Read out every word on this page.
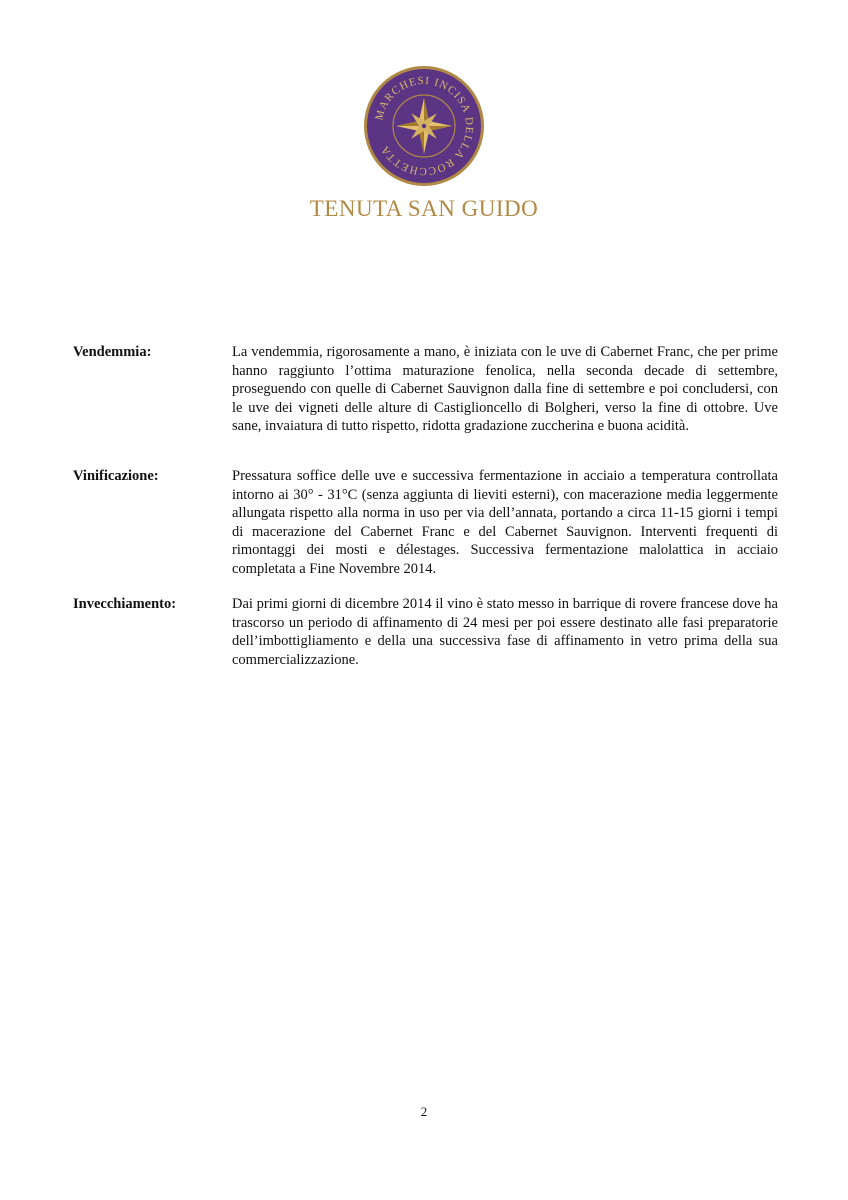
MARCHESI INCISA DELLA ROCCHETTA
TENUTA SAN GUIDO
Vendemmia:	La vendemmia, rigorosamente a mano, è iniziata con le uve di Cabernet Franc, che per prime hanno raggiunto l’ottima maturazione fenolica, nella seconda decade di settembre, proseguendo con quelle di Cabernet Sauvignon dalla fine di settembre e poi concludersi, con le uve dei vigneti delle alture di Castiglioncello di Bolgheri, verso la fine di ottobre. Uve sane, invaiatura di tutto rispetto, ridotta gradazione zuccherina e buona acidità.
Vinificazione:	Pressatura soffice delle uve e successiva fermentazione in acciaio a temperatura controllata intorno ai 30° - 31°C (senza aggiunta di lieviti esterni), con macerazione media leggermente allungata rispetto alla norma in uso per via dell’annata, portando a circa 11-15 giorni i tempi di macerazione del Cabernet Franc e del Cabernet Sauvignon. Interventi frequenti di rimontaggi dei mosti e délestages. Successiva fermentazione malolattica in acciaio completata a Fine Novembre 2014.
Invecchiamento:	Dai primi giorni di dicembre 2014 il vino è stato messo in barrique di rovere francese dove ha trascorso un periodo di affinamento di 24 mesi per poi essere destinato alle fasi preparatorie dell’imbottigliamento e della una successiva fase di affinamento in vetro prima della sua commercializzazione.
2
